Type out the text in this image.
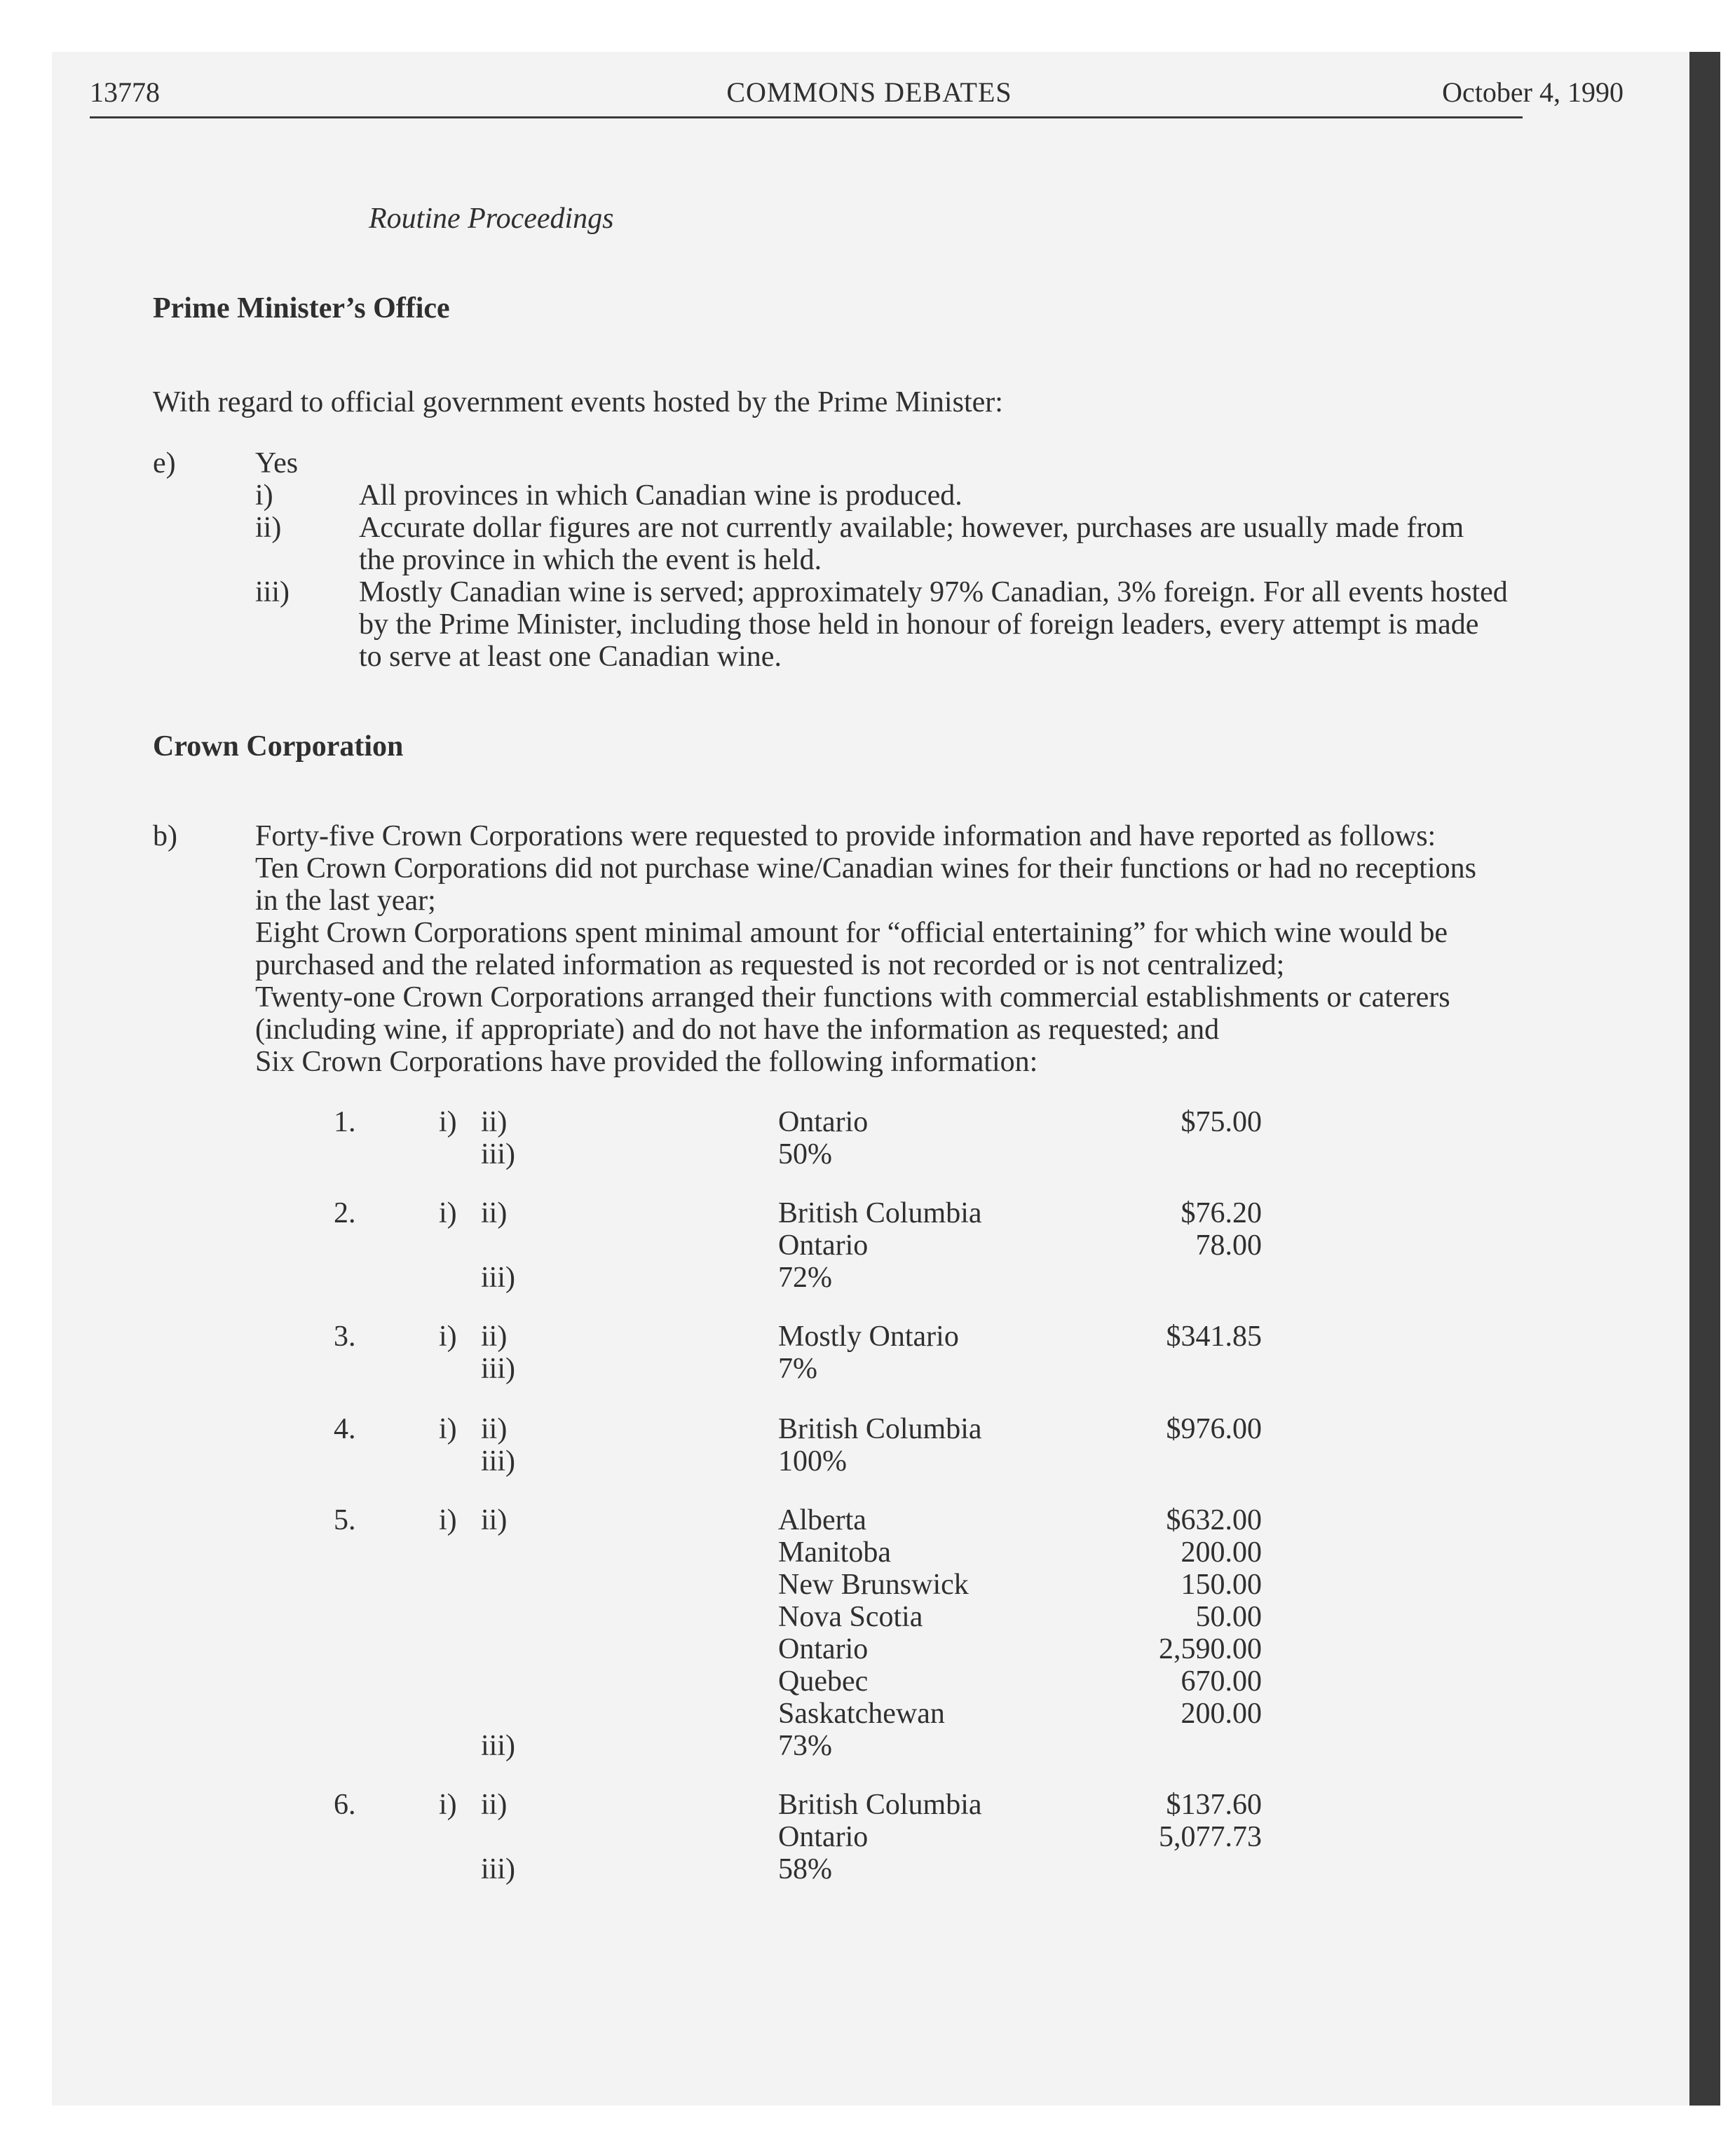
13778	COMMONS DEBATES	October 4, 1990
Routine Proceedings
Prime Minister’s Office
With regard to official government events hosted by the Prime Minister:
e)	Yes
i)	All provinces in which Canadian wine is produced.

ii)	Accurate dollar figures are not currently available; however, purchases are usually made from

the province in which the event is held.

iii) Mostly Canadian wine is served; approximately 97% Canadian, 3% foreign. For all events hosted

by the Prime Minister, including those held in honour of foreign leaders, every attempt is made

to serve at least one Canadian wine.

Crown Corporation
b)	Forty-five Crown Corporations were requested to provide information and have reported as follows:

Ten Crown Corporations did not purchase wine/Canadian wines for their functions or had no receptions

in the last year;

Eight Crown Corporations spent minimal amount for “official entertaining” for which wine would be

purchased and the related information as requested is not recorded or is not centralized;

Twenty-one Crown Corporations arranged their functions with commercial establishments or caterers

(including wine, if appropriate) and do not have the information as requested; and

Six Crown Corporations have provided the following information:

1.	i) ii)	Ontario	$75.00
iii)	50%
2.	i) ii)	British Columbia	$76.20
Ontario	78.00
iii)	72%
3.	i) ii)	Mostly Ontario	$341.85
iii)	7%
4.	i) ii)	British Columbia	$976.00
iii)	100%
5.	i) ii)	Alberta	$632.00
Manitoba	200.00
New Brunswick	150.00
Nova Scotia	50.00
Ontario	2,590.00
Quebec	670.00
Saskatchewan	200.00
iii)	73%
6.	i) ii)	British Columbia	$137.60
Ontario	5,077.73
iii)	58%
